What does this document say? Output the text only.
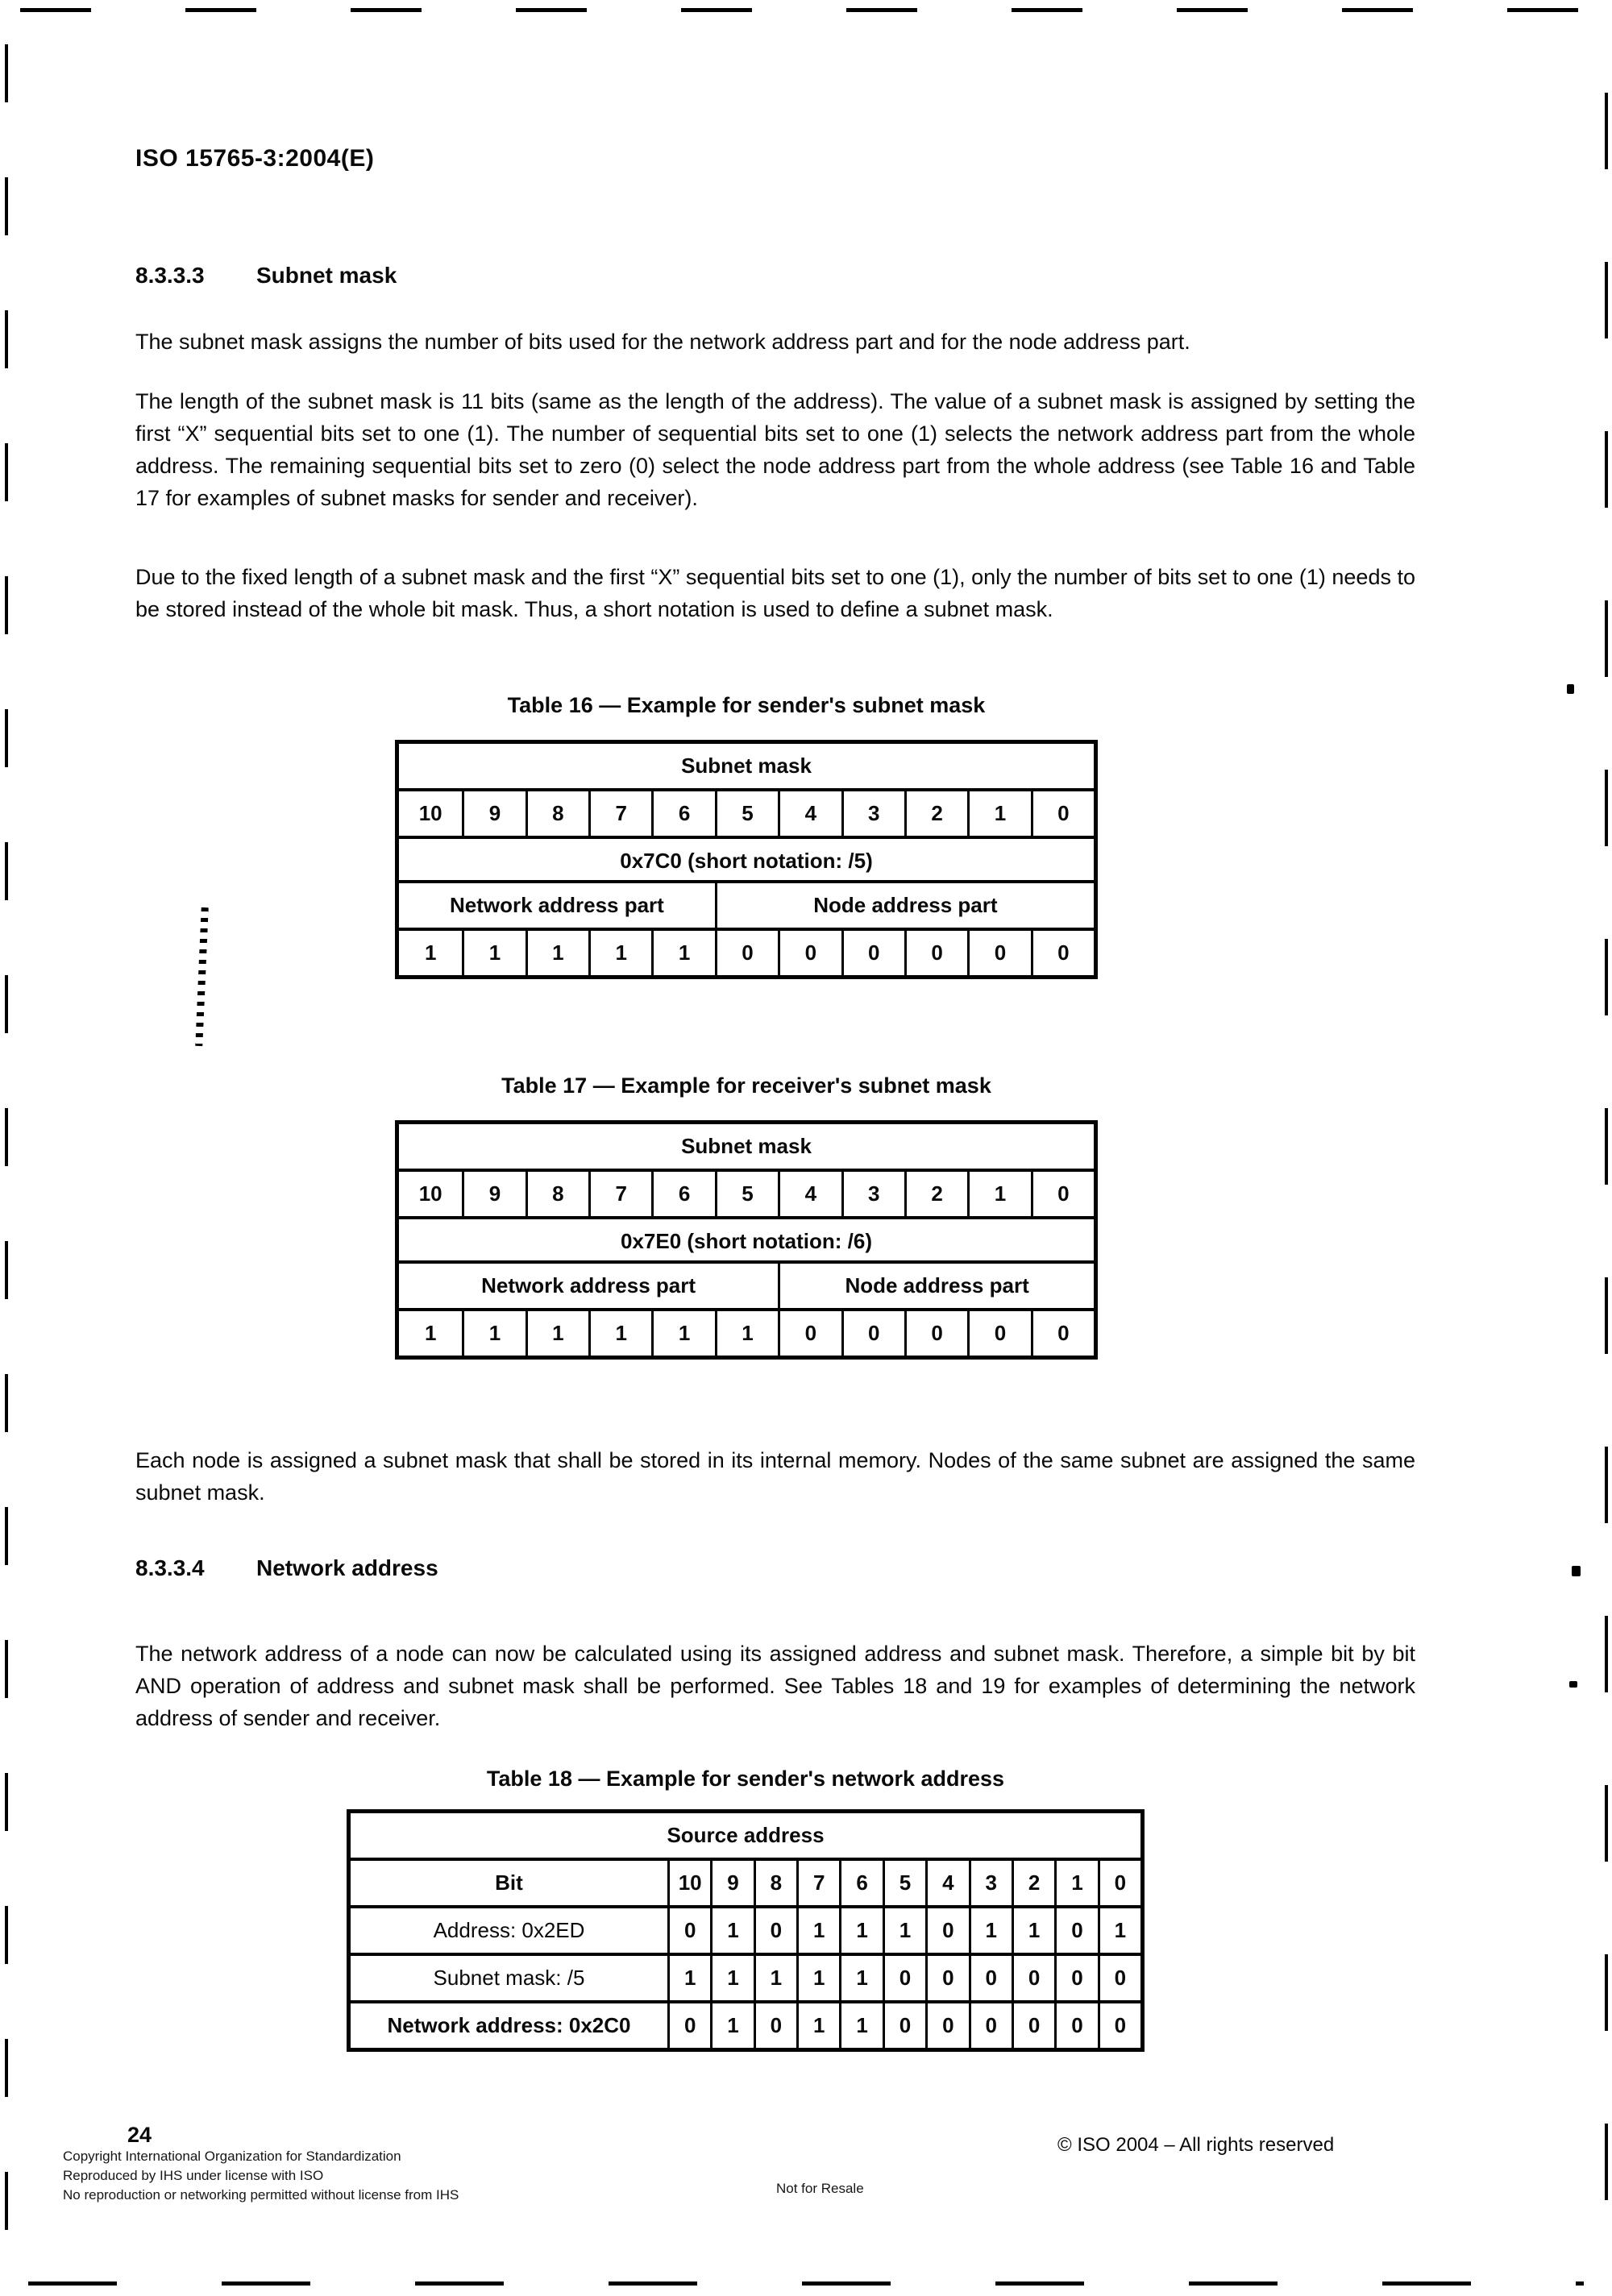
ISO 15765-3:2004(E)
8.3.3.3 Subnet mask
The subnet mask assigns the number of bits used for the network address part and for the node address part.
The length of the subnet mask is 11 bits (same as the length of the address). The value of a subnet mask is assigned by setting the first “X” sequential bits set to one (1). The number of sequential bits set to one (1) selects the network address part from the whole address. The remaining sequential bits set to zero (0) select the node address part from the whole address (see Table 16 and Table 17 for examples of subnet masks for sender and receiver).
Due to the fixed length of a subnet mask and the first “X” sequential bits set to one (1), only the number of bits set to one (1) needs to be stored instead of the whole bit mask. Thus, a short notation is used to define a subnet mask.
Table 16 — Example for sender's subnet mask
Subnet mask
10	9	8	7	6	5	4	3	2	1	0
0x7C0 (short notation: /5)
Network address part	Node address part
1	1	1	1	1	0	0	0	0	0	0
Table 17 — Example for receiver's subnet mask
Subnet mask
10	9	8	7	6	5	4	3	2	1	0
0x7E0 (short notation: /6)
Network address part	Node address part
1	1	1	1	1	1	0	0	0	0	0
Each node is assigned a subnet mask that shall be stored in its internal memory. Nodes of the same subnet are assigned the same subnet mask.
8.3.3.4 Network address
The network address of a node can now be calculated using its assigned address and subnet mask. Therefore, a simple bit by bit AND operation of address and subnet mask shall be performed. See Tables 18 and 19 for examples of determining the network address of sender and receiver.
Table 18 — Example for sender's network address
Source address
Bit	10	9	8	7	6	5	4	3	2	1	0
Address: 0x2ED	0	1	0	1	1	1	0	1	1	0	1
Subnet mask: /5	1	1	1	1	1	0	0	0	0	0	0
Network address: 0x2C0	0	1	0	1	1	0	0	0	0	0	0
24
Copyright International Organization for Standardization
Reproduced by IHS under license with ISO
No reproduction or networking permitted without license from IHS	Not for Resale
© ISO 2004 – All rights reserved
